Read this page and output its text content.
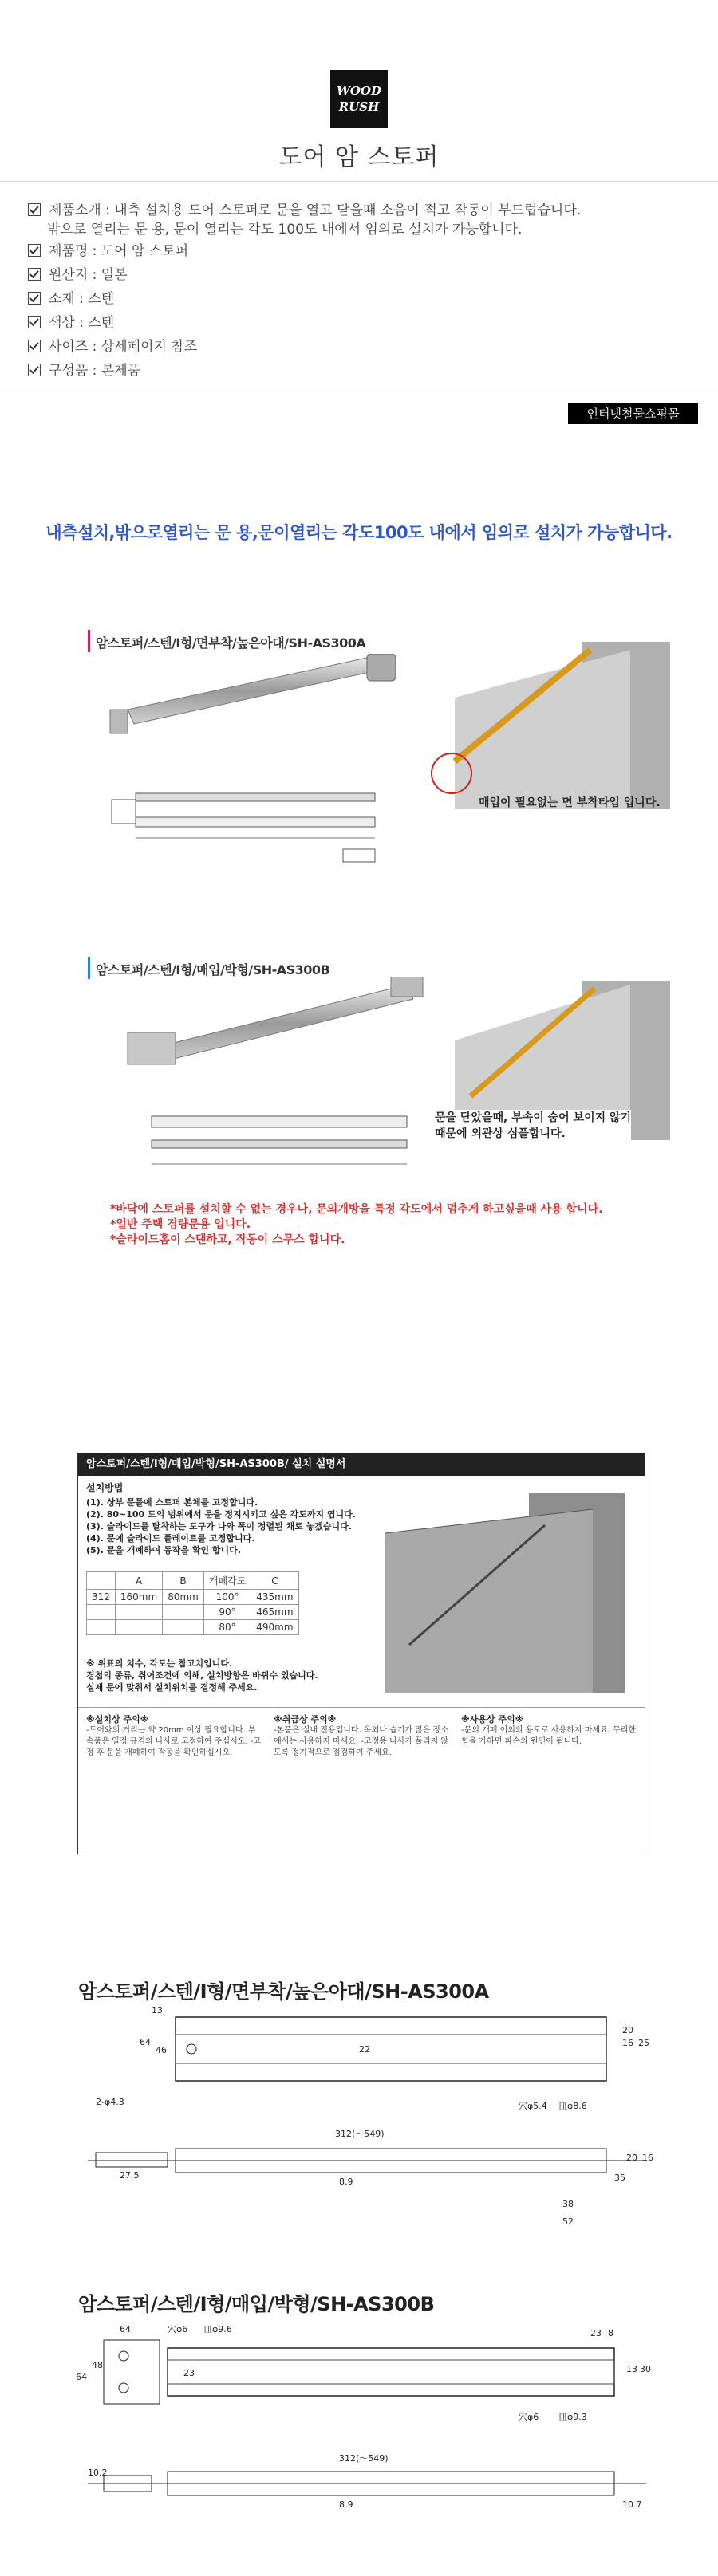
WOOD
RUSH
도어 암 스토퍼
제품소개 : 내측 설치용 도어 스토퍼로 문을 열고 닫을때 소음이 적고 작동이 부드럽습니다.
밖으로 열리는 문 용, 문이 열리는 각도 100도 내에서 임의로 설치가 가능합니다.
제품명 : 도어 암 스토퍼
원산지 : 일본
소재 : 스텐
색상 : 스텐
사이즈 : 상세페이지 참조
구성품 : 본제품
인터넷철물쇼핑몰
내측설치,밖으로열리는 문 용,문이열리는 각도100도 내에서 임의로 설치가 가능합니다.
암스토퍼/스텐/I형/면부착/높은아대/SH-AS300A
매입이 필요없는 면 부착타입 입니다.
암스토퍼/스텐/I형/매입/박형/SH-AS300B
문을 닫았을때, 부속이 숨어 보이지 않기
때문에 외관상 심플합니다.
*바닥에 스토퍼를 설치할 수 없는 경우나, 문의개방을 특정 각도에서 멈추게 하고싶을때 사용 합니다.
*일반 주택 경량문용 입니다.
*슬라이드홈이 스탠하고, 작동이 스무스 합니다.
암스토퍼/스텐/I형/매입/박형/SH-AS300B/ 설치 설명서
설치방법
(1). 상부 문틀에 스토퍼 본체를 고정합니다.
(2). 80~100 도의 범위에서 문을 정지시키고 싶은 각도까지 엽니다.
(3). 슬라이드를 탈착하는 도구가 나와 폭이 정렬된 채로 놓겠습니다.
(4). 문에 슬라이드 플레이트를 고정합니다.
(5). 문을 개폐하여 동작을 확인 합니다.
	A	B	개폐각도	C
312	160mm	80mm	100°	435mm
			90°	465mm
			80°	490mm
※ 위표의 치수, 각도는 참고치입니다.
경첩의 종류, 취어조건에 의해, 설치방향은 바뀌수 있습니다.
실제 문에 맞춰서 설치위치를 결정해 주세요.
※설치상 주의※
-도어와의 거리는 약 20mm 이상 필요합니다. 부속품은 일정 규격의 나사로 고정하여 주십시오. -고정 후 문을 개폐하여 작동을 확인하십시오.
※취급상 주의※
-본품은 실내 전용입니다. 옥외나 습기가 많은 장소에서는 사용하지 마세요. -고정용 나사가 풀리지 않도록 정기적으로 점검하여 주세요.
※사용상 주의※
-문의 개폐 이외의 용도로 사용하지 마세요. 무리한 힘을 가하면 파손의 원인이 됩니다.
암스토퍼/스텐/I형/면부착/높은아대/SH-AS300A
13
64
46	22
20
16 25
2-φ4.3
312(～549)
穴φ5.4 皿φ8.6
27.5
8.9	35
38
52
20 16
암스토퍼/스텐/I형/매입/박형/SH-AS300B
64	穴φ6 皿φ9.6
48
64	23
23 8
13 30
穴φ6 皿φ9.3
312(～549)
10.2
8.9	10.7
